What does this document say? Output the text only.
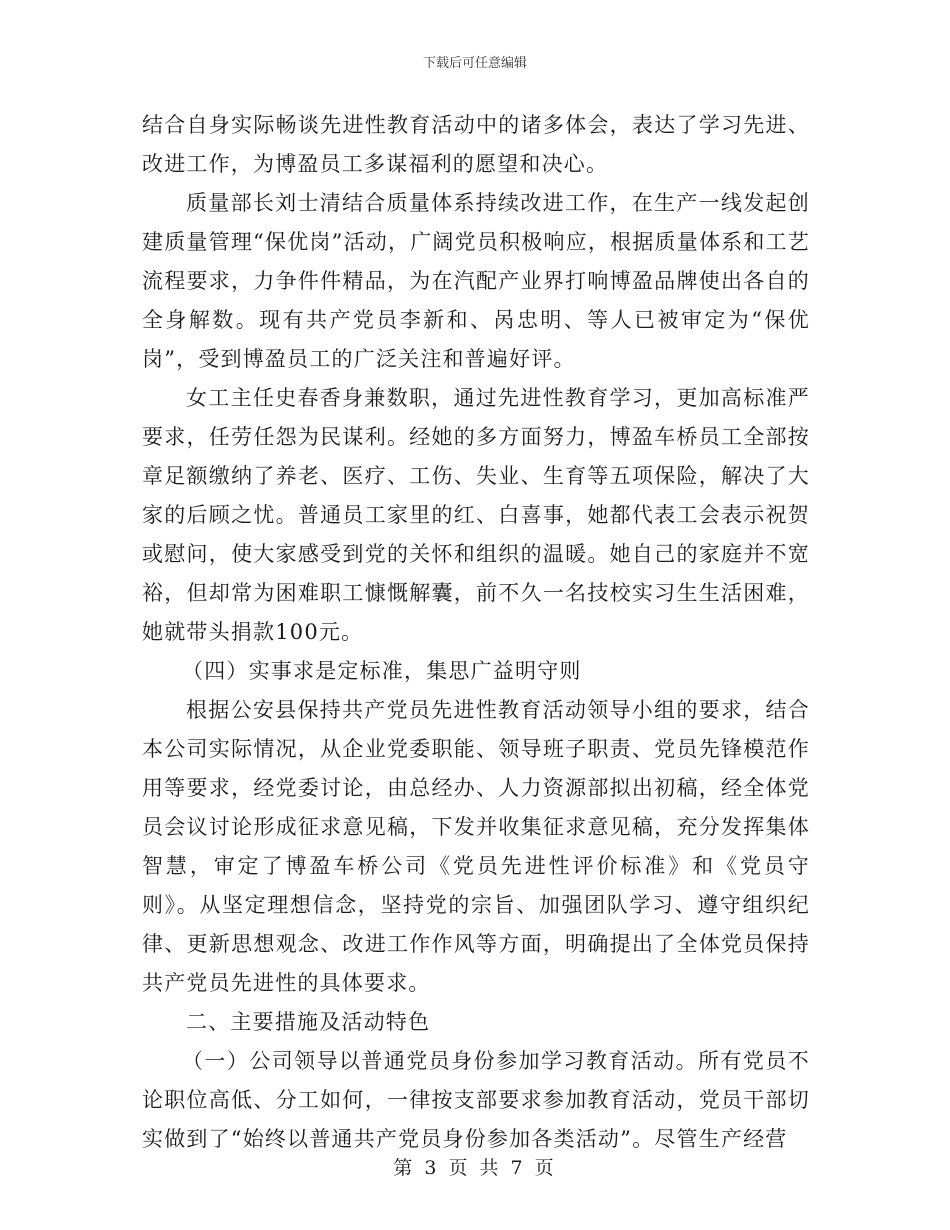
下载后可任意编辑

结合自身实际畅谈先进性教育活动中的诸多体会，表达了学习先进、改进工作，为博盈员工多谋福利的愿望和决心。

质量部长刘士清结合质量体系持续改进工作，在生产一线发起创建质量管理“保优岗”活动，广阔党员积极响应，根据质量体系和工艺流程要求，力争件件精品，为在汽配产业界打响博盈品牌使出各自的全身解数。现有共产党员李新和、呙忠明、等人已被审定为“保优岗”，受到博盈员工的广泛关注和普遍好评。

女工主任史春香身兼数职，通过先进性教育学习，更加高标准严要求，任劳任怨为民谋利。经她的多方面努力，博盈车桥员工全部按章足额缴纳了养老、医疗、工伤、失业、生育等五项保险，解决了大家的后顾之忧。普通员工家里的红、白喜事，她都代表工会表示祝贺或慰问，使大家感受到党的关怀和组织的温暖。她自己的家庭并不宽裕，但却常为困难职工慷慨解囊，前不久一名技校实习生生活困难，她就带头捐款100元。

（四）实事求是定标准，集思广益明守则

根据公安县保持共产党员先进性教育活动领导小组的要求，结合本公司实际情况，从企业党委职能、领导班子职责、党员先锋模范作用等要求，经党委讨论，由总经办、人力资源部拟出初稿，经全体党员会议讨论形成征求意见稿，下发并收集征求意见稿，充分发挥集体智慧，审定了博盈车桥公司《党员先进性评价标准》和《党员守则》。从坚定理想信念，坚持党的宗旨、加强团队学习、遵守组织纪律、更新思想观念、改进工作作风等方面，明确提出了全体党员保持共产党员先进性的具体要求。

二、主要措施及活动特色

（一）公司领导以普通党员身份参加学习教育活动。所有党员不论职位高低、分工如何，一律按支部要求参加教育活动，党员干部切实做到了“始终以普通共产党员身份参加各类活动”。尽管生产经营

第 3 页 共 7 页
